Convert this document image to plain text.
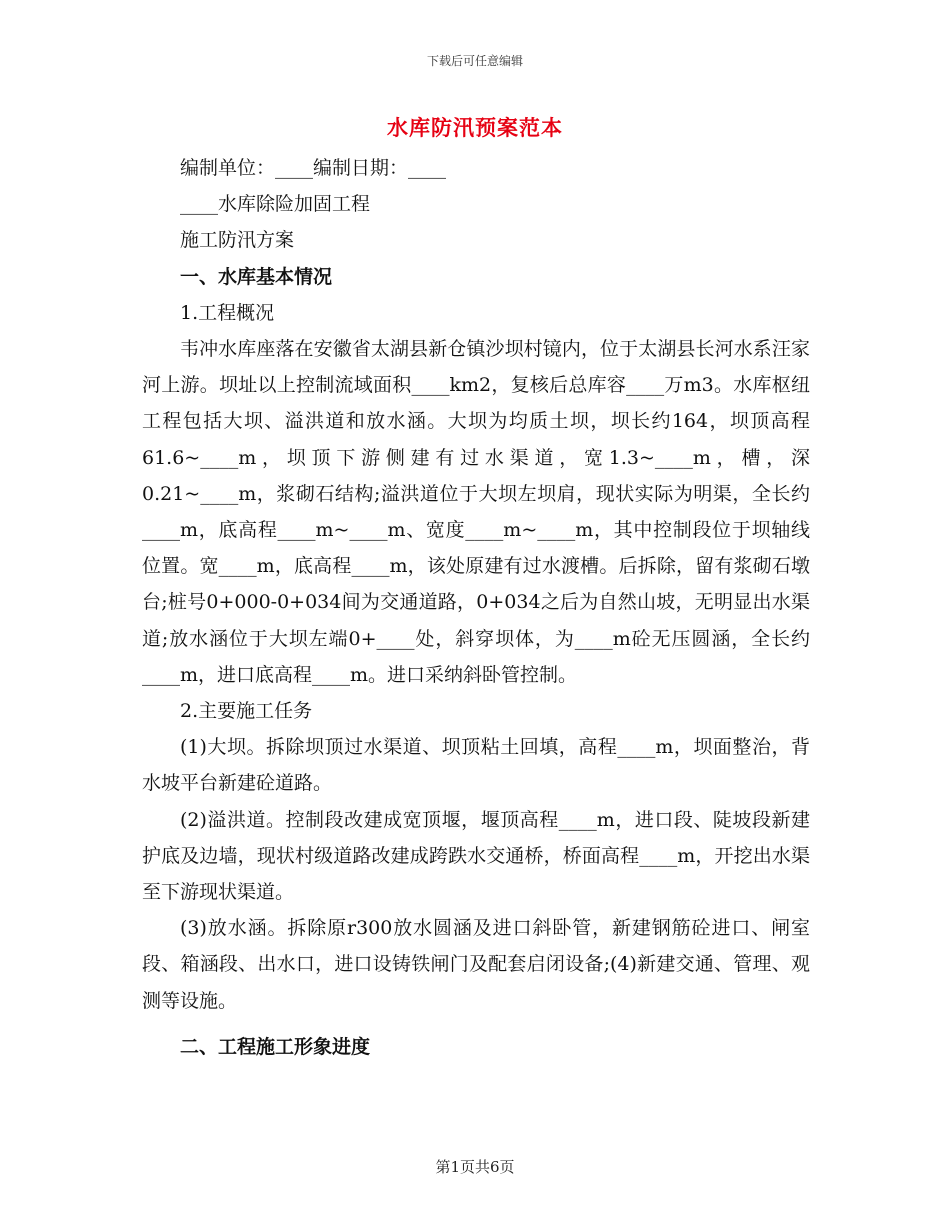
下载后可任意编辑
水库防汛预案范本

编制单位：____编制日期：____

____水库除险加固工程

施工防汛方案

一、水库基本情况

1.工程概况

韦冲水库座落在安徽省太湖县新仓镇沙坝村镜内，位于太湖县长河水系汪家河上游。坝址以上控制流域面积____km2，复核后总库容____万m3。水库枢纽工程包括大坝、溢洪道和放水涵。大坝为均质土坝，坝长约164，坝顶高程61.6~____m，坝顶下游侧建有过水渠道，宽1.3~____m，槽，深0.21~____m，浆砌石结构;溢洪道位于大坝左坝肩，现状实际为明渠，全长约____m，底高程____m~____m、宽度____m~____m，其中控制段位于坝轴线位置。宽____m，底高程____m，该处原建有过水渡槽。后拆除，留有浆砌石墩台;桩号0+000-0+034间为交通道路，0+034之后为自然山坡，无明显出水渠道;放水涵位于大坝左端0+____处，斜穿坝体，为____m砼无压圆涵，全长约____m，进口底高程____m。进口采纳斜卧管控制。

2.主要施工任务

(1)大坝。拆除坝顶过水渠道、坝顶粘土回填，高程____m，坝面整治，背水坡平台新建砼道路。

(2)溢洪道。控制段改建成宽顶堰，堰顶高程____m，进口段、陡坡段新建护底及边墙，现状村级道路改建成跨跌水交通桥，桥面高程____m，开挖出水渠至下游现状渠道。

(3)放水涵。拆除原r300放水圆涵及进口斜卧管，新建钢筋砼进口、闸室段、箱涵段、出水口，进口设铸铁闸门及配套启闭设备;(4)新建交通、管理、观测等设施。

二、工程施工形象进度

第1页共6页
